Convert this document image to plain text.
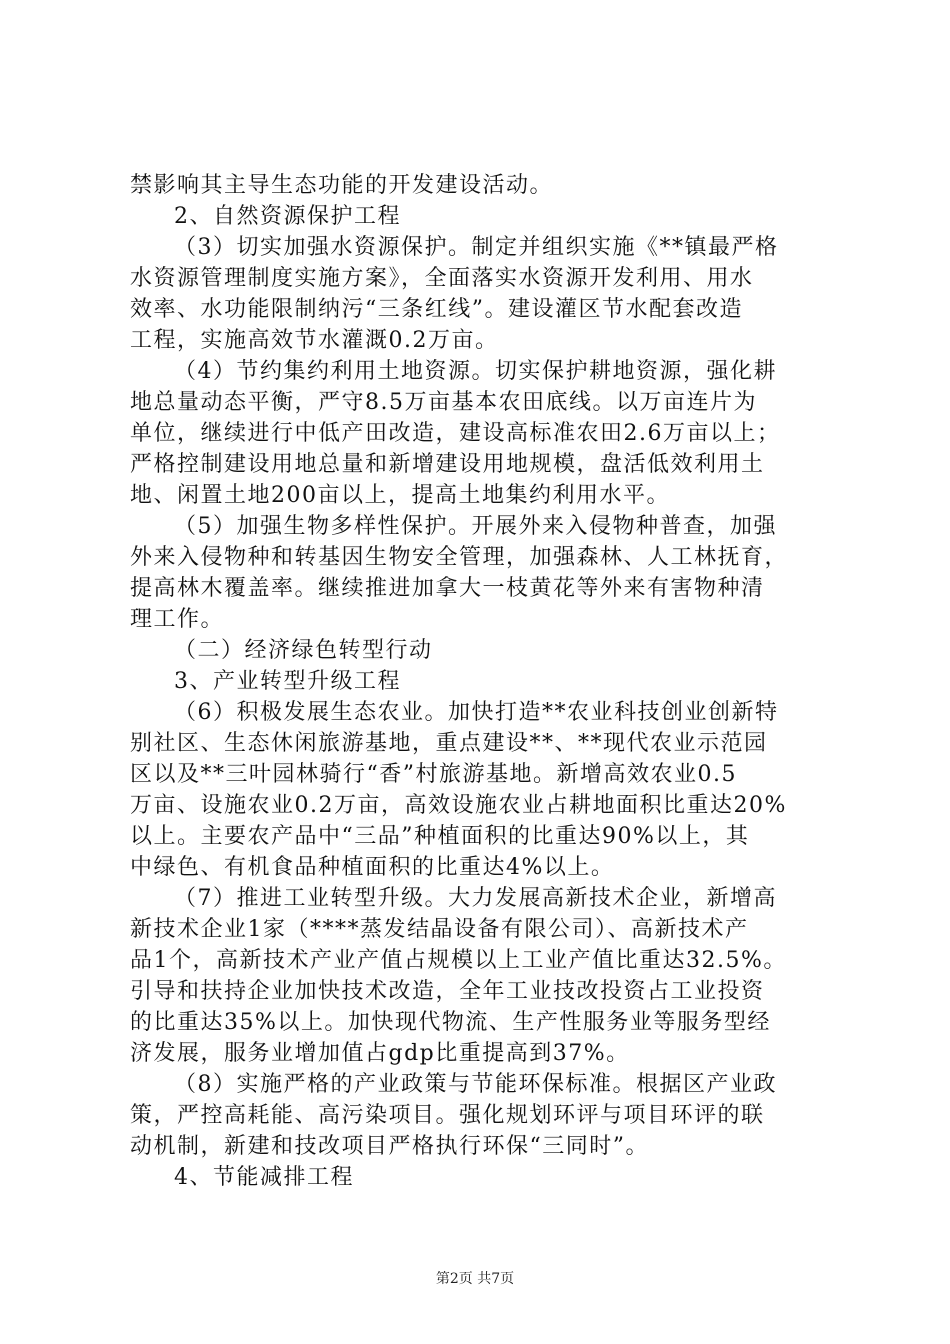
禁影响其主导生态功能的开发建设活动。
2、自然资源保护工程
（3）切实加强水资源保护。制定并组织实施《**镇最严格
水资源管理制度实施方案》，全面落实水资源开发利用、用水
效率、水功能限制纳污“三条红线”。建设灌区节水配套改造
工程，实施高效节水灌溉0.2万亩。
（4）节约集约利用土地资源。切实保护耕地资源，强化耕
地总量动态平衡，严守8.5万亩基本农田底线。以万亩连片为
单位，继续进行中低产田改造，建设高标准农田2.6万亩以上；
严格控制建设用地总量和新增建设用地规模，盘活低效利用土
地、闲置土地200亩以上，提高土地集约利用水平。
（5）加强生物多样性保护。开展外来入侵物种普查，加强
外来入侵物种和转基因生物安全管理，加强森林、人工林抚育，
提高林木覆盖率。继续推进加拿大一枝黄花等外来有害物种清
理工作。
（二）经济绿色转型行动
3、产业转型升级工程
（6）积极发展生态农业。加快打造**农业科技创业创新特
别社区、生态休闲旅游基地，重点建设**、**现代农业示范园
区以及**三叶园林骑行“香”村旅游基地。新增高效农业0.5
万亩、设施农业0.2万亩，高效设施农业占耕地面积比重达20%
以上。主要农产品中“三品”种植面积的比重达90%以上，其
中绿色、有机食品种植面积的比重达4%以上。
（7）推进工业转型升级。大力发展高新技术企业，新增高
新技术企业1家（****蒸发结晶设备有限公司）、高新技术产
品1个，高新技术产业产值占规模以上工业产值比重达32.5%。
引导和扶持企业加快技术改造，全年工业技改投资占工业投资
的比重达35%以上。加快现代物流、生产性服务业等服务型经
济发展，服务业增加值占gdp比重提高到37%。
（8）实施严格的产业政策与节能环保标准。根据区产业政
策，严控高耗能、高污染项目。强化规划环评与项目环评的联
动机制，新建和技改项目严格执行环保“三同时”。
4、节能减排工程
第2页 共7页
